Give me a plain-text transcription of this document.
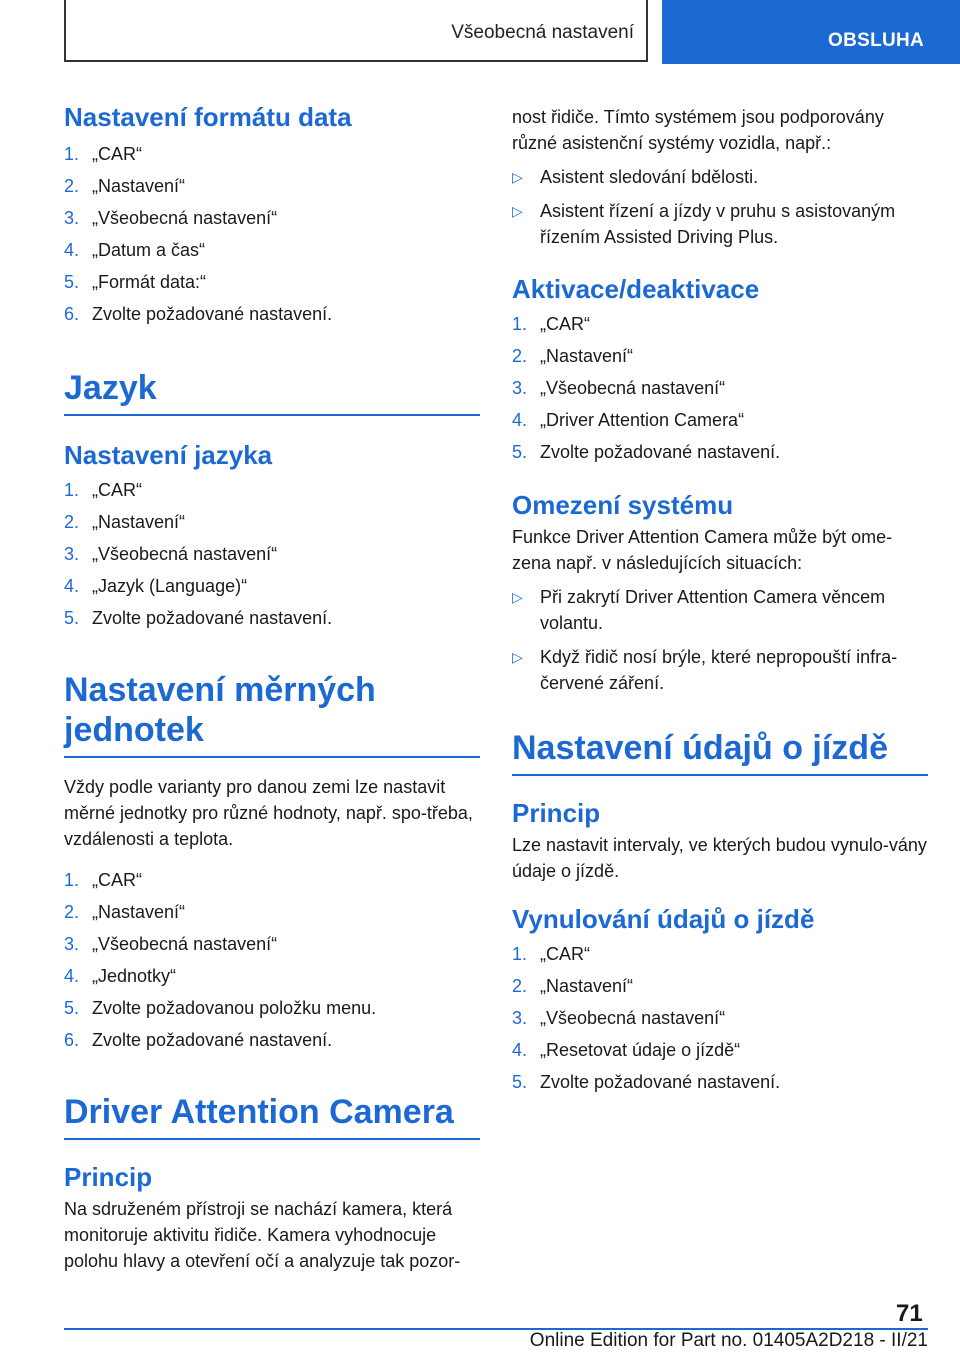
Všeobecná nastavení	OBSLUHA
Nastavení formátu data
1. „CAR“
2. „Nastavení“
3. „Všeobecná nastavení“
4. „Datum a čas“
5. „Formát data:“
6. Zvolte požadované nastavení.
Jazyk
Nastavení jazyka
1. „CAR“
2. „Nastavení“
3. „Všeobecná nastavení“
4. „Jazyk (Language)“
5. Zvolte požadované nastavení.
Nastavení měrných
jednotek

Vždy podle varianty pro danou zemi lze nastavit měrné jednotky pro různé hodnoty, např. spo-třeba, vzdálenosti a teplota.

1. „CAR“
2. „Nastavení“
3. „Všeobecná nastavení“
4. „Jednotky“
5. Zvolte požadovanou položku menu.
6. Zvolte požadované nastavení.
Driver Attention Camera
Princip

Na sdruženém přístroji se nachází kamera, která monitoruje aktivitu řidiče. Kamera vyhodnocuje polohu hlavy a otevření očí a analyzuje tak pozor-

nost řidiče. Tímto systémem jsou podporovány různé asistenční systémy vozidla, např.:

▷ Asistent sledování bdělosti.
▷ Asistent řízení a jízdy v pruhu s asistovaným řízením Assisted Driving Plus.
Aktivace/deaktivace
1. „CAR“
2. „Nastavení“
3. „Všeobecná nastavení“
4. „Driver Attention Camera“
5. Zvolte požadované nastavení.
Omezení systému

Funkce Driver Attention Camera může být ome-zena např. v následujících situacích:

▷ Při zakrytí Driver Attention Camera věncem volantu.
▷ Když řidič nosí brýle, které nepropouští infra-červené záření.
Nastavení údajů o jízdě
Princip

Lze nastavit intervaly, ve kterých budou vynulo-vány údaje o jízdě.

Vynulování údajů o jízdě
1. „CAR“
2. „Nastavení“
3. „Všeobecná nastavení“
4. „Resetovat údaje o jízdě“
5. Zvolte požadované nastavení.
71
Online Edition for Part no. 01405A2D218 - II/21
